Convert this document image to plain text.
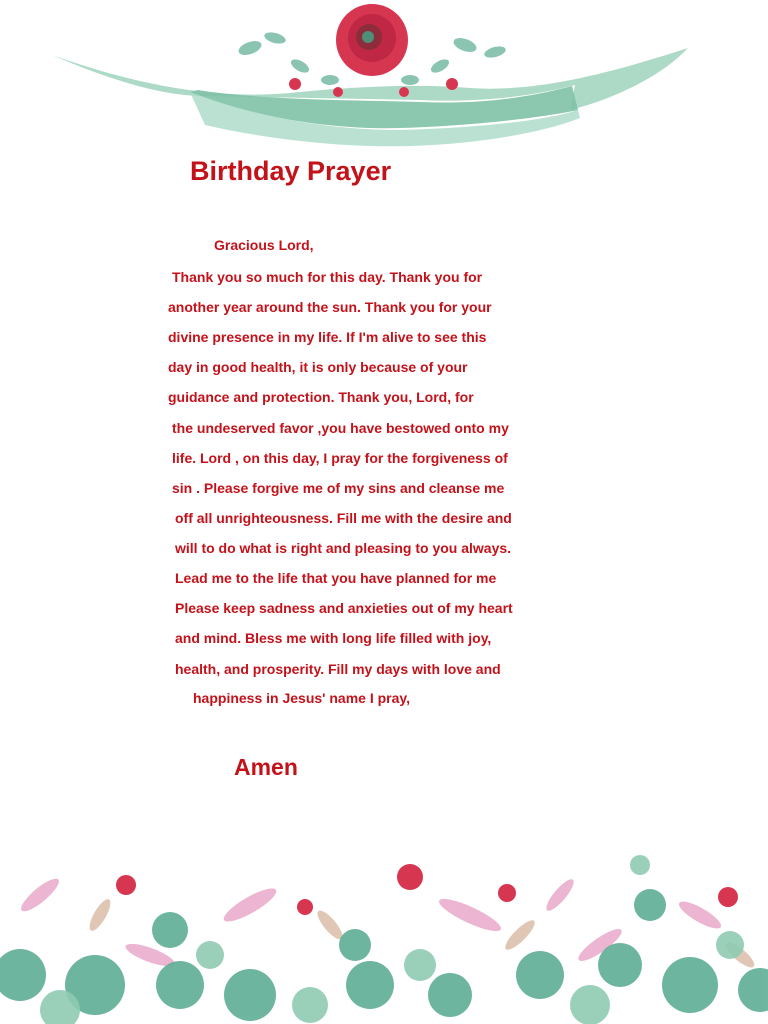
Birthday Prayer
Gracious Lord,
Thank you so much for this day. Thank you for
another year around the sun. Thank you for your
divine presence in my life. If I'm alive to see this
day in good health, it is only because of your
guidance and protection. Thank you, Lord, for
the undeserved favor ,you have bestowed onto my
life. Lord , on this day, I pray for the forgiveness of
sin . Please forgive me of my sins and cleanse me
off all unrighteousness. Fill me with the desire and
will to do what is right and pleasing to you always.
Lead me to the life that you have planned for me
Please keep sadness and anxieties out of my heart
and mind. Bless me with long life filled with joy,
health, and prosperity. Fill my days with love and
happiness in Jesus' name I pray,
Amen
